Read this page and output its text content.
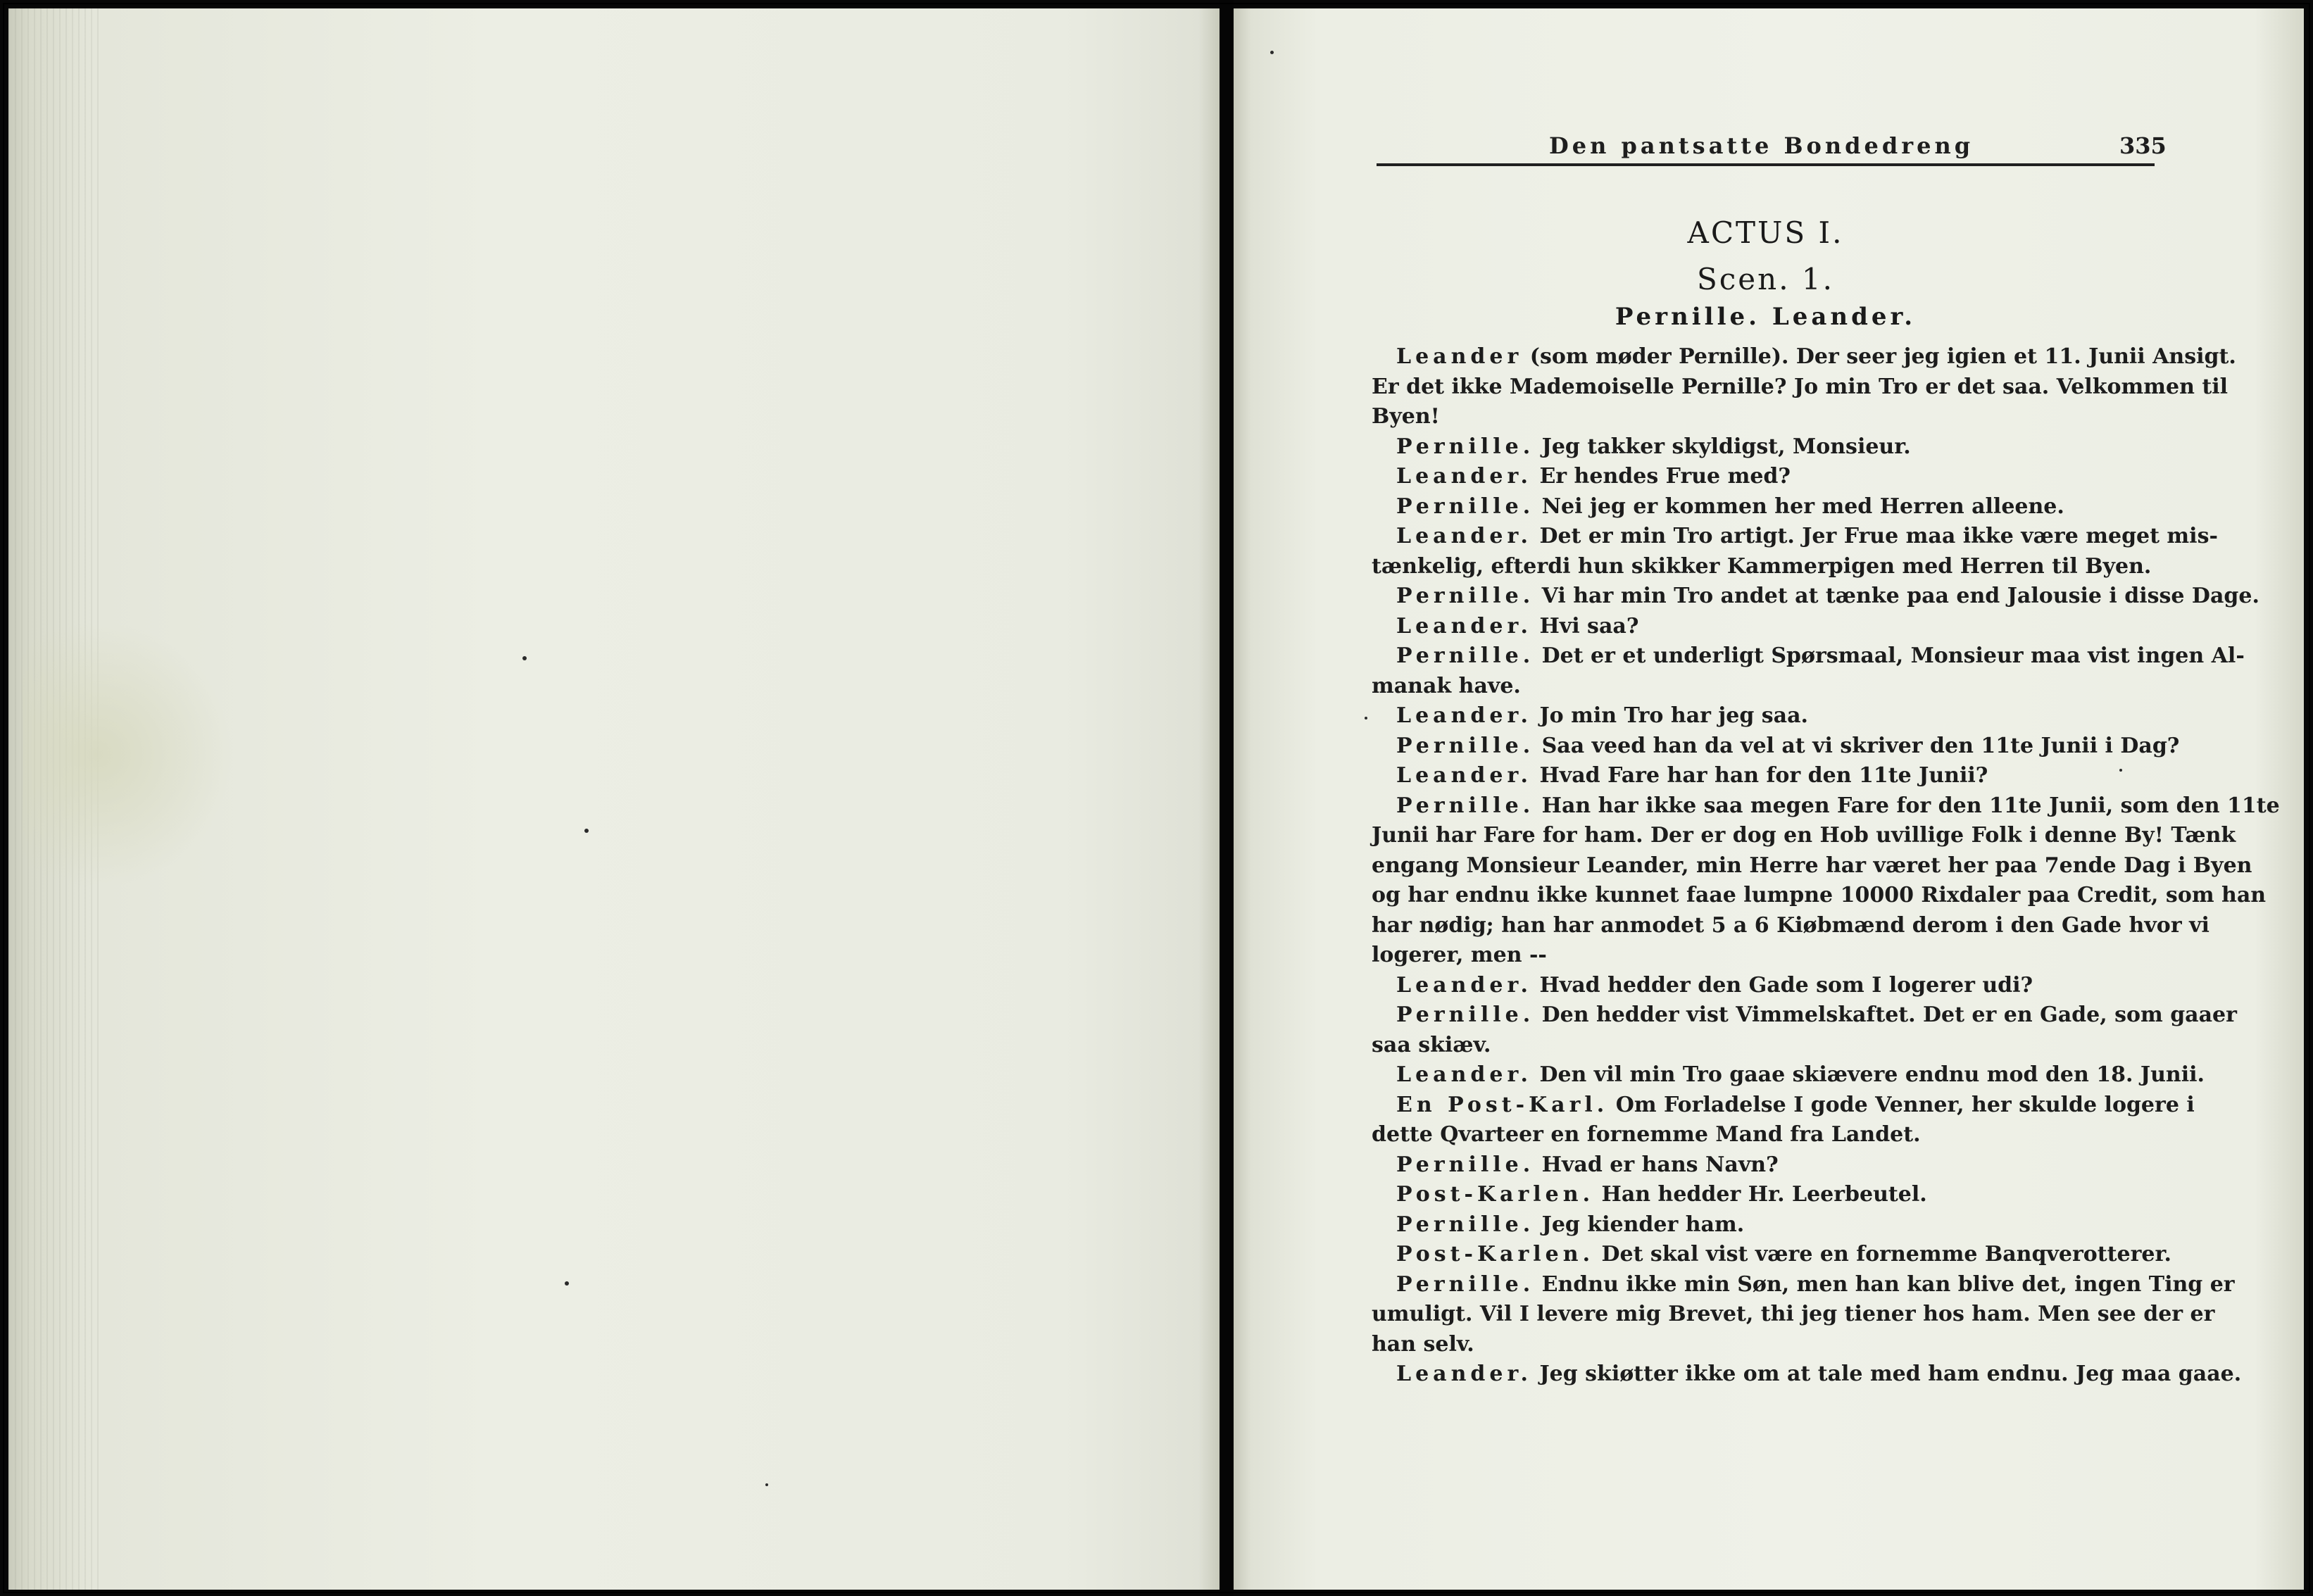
Den pantsatte Bondedreng	335
ACTUS I.
Scen. 1.
Pernille. Leander.
Leander (som møder Pernille). Der seer jeg igien et 11. Junii Ansigt.
Er det ikke Mademoiselle Pernille? Jo min Tro er det saa. Velkommen til
Byen!
Pernille. Jeg takker skyldigst, Monsieur.
Leander. Er hendes Frue med?
Pernille. Nei jeg er kommen her med Herren alleene.
Leander. Det er min Tro artigt. Jer Frue maa ikke være meget mis-
tænkelig, efterdi hun skikker Kammerpigen med Herren til Byen.
Pernille. Vi har min Tro andet at tænke paa end Jalousie i disse Dage.
Leander. Hvi saa?
Pernille. Det er et underligt Spørsmaal, Monsieur maa vist ingen Al-
manak have.
Leander. Jo min Tro har jeg saa.
Pernille. Saa veed han da vel at vi skriver den 11te Junii i Dag?
Leander. Hvad Fare har han for den 11te Junii?
Pernille. Han har ikke saa megen Fare for den 11te Junii, som den 11te
Junii har Fare for ham. Der er dog en Hob uvillige Folk i denne By! Tænk
engang Monsieur Leander, min Herre har været her paa 7ende Dag i Byen
og har endnu ikke kunnet faae lumpne 10000 Rixdaler paa Credit, som han
har nødig; han har anmodet 5 a 6 Kiøbmænd derom i den Gade hvor vi
logerer, men --
Leander. Hvad hedder den Gade som I logerer udi?
Pernille. Den hedder vist Vimmelskaftet. Det er en Gade, som gaaer
saa skiæv.
Leander. Den vil min Tro gaae skiævere endnu mod den 18. Junii.
En Post-Karl. Om Forladelse I gode Venner, her skulde logere i
dette Qvarteer en fornemme Mand fra Landet.
Pernille. Hvad er hans Navn?
Post-Karlen. Han hedder Hr. Leerbeutel.
Pernille. Jeg kiender ham.
Post-Karlen. Det skal vist være en fornemme Banqverotterer.
Pernille. Endnu ikke min Søn, men han kan blive det, ingen Ting er
umuligt. Vil I levere mig Brevet, thi jeg tiener hos ham. Men see der er
han selv.
Leander. Jeg skiøtter ikke om at tale med ham endnu. Jeg maa gaae.
